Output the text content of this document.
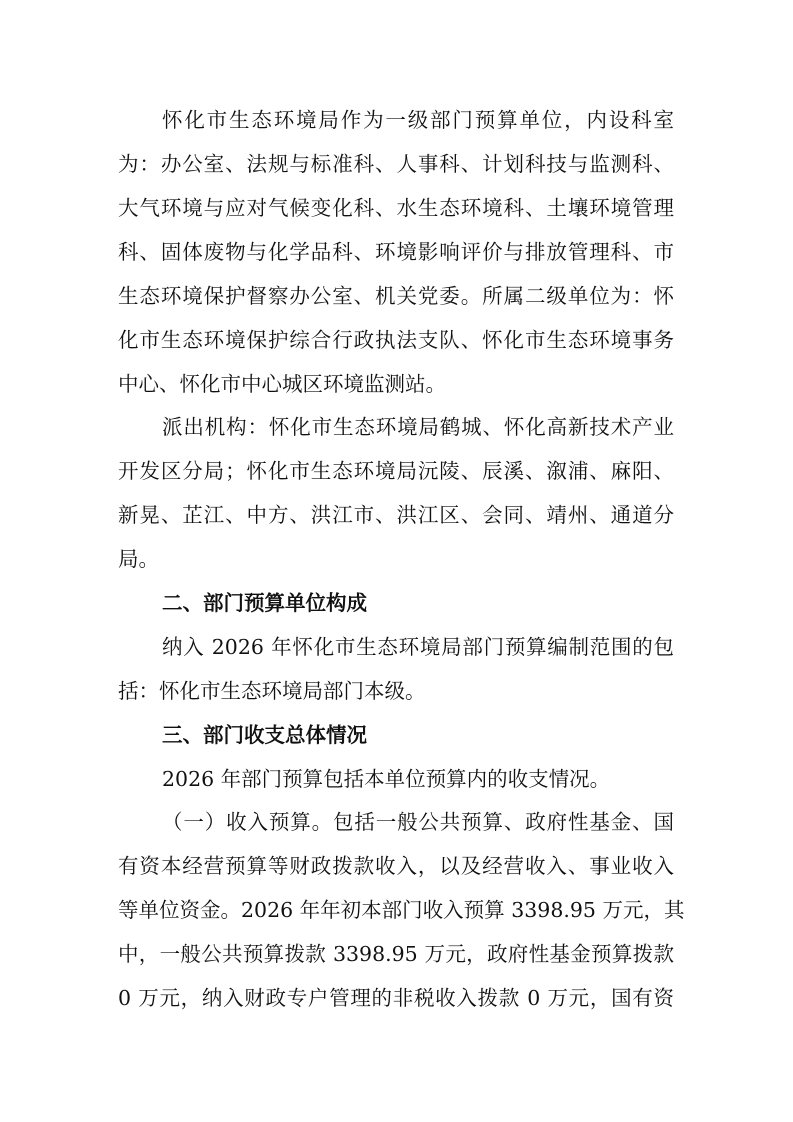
怀化市生态环境局作为一级部门预算单位，内设科室
为：办公室、法规与标准科、人事科、计划科技与监测科、
大气环境与应对气候变化科、水生态环境科、土壤环境管理
科、固体废物与化学品科、环境影响评价与排放管理科、市
生态环境保护督察办公室、机关党委。所属二级单位为：怀
化市生态环境保护综合行政执法支队、怀化市生态环境事务
中心、怀化市中心城区环境监测站。
派出机构：怀化市生态环境局鹤城、怀化高新技术产业
开发区分局；怀化市生态环境局沅陵、辰溪、溆浦、麻阳、
新晃、芷江、中方、洪江市、洪江区、会同、靖州、通道分
局。
二、部门预算单位构成
纳入 2026 年怀化市生态环境局部门预算编制范围的包
括：怀化市生态环境局部门本级。
三、部门收支总体情况
2026 年部门预算包括本单位预算内的收支情况。
（一）收入预算。包括一般公共预算、政府性基金、国
有资本经营预算等财政拨款收入，以及经营收入、事业收入
等单位资金。2026 年年初本部门收入预算 3398.95 万元，其
中，一般公共预算拨款 3398.95 万元，政府性基金预算拨款
0 万元，纳入财政专户管理的非税收入拨款 0 万元，国有资
